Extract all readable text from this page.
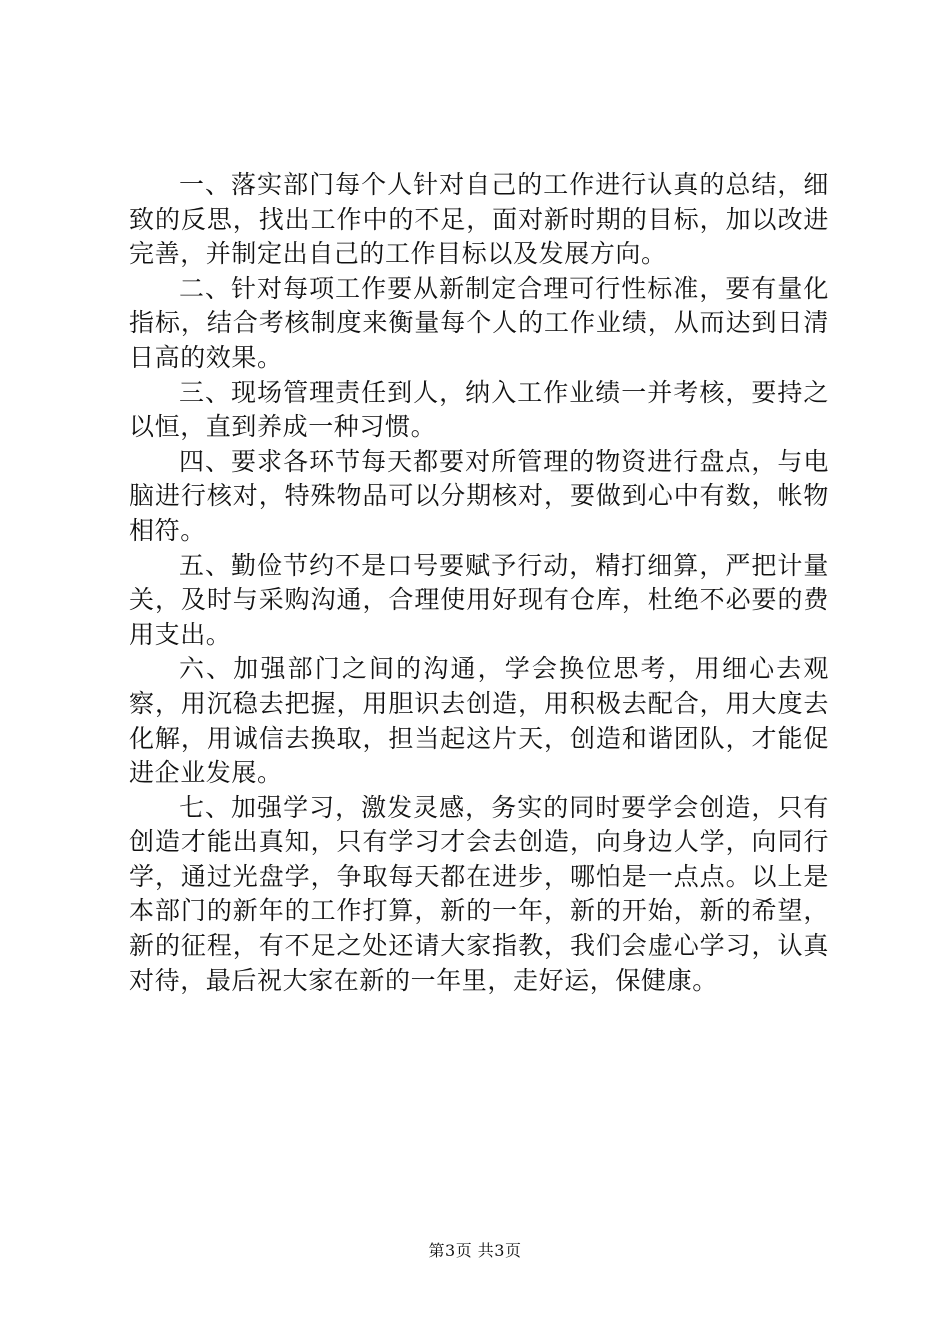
一、落实部门每个人针对自己的工作进行认真的总结，细致的反思，找出工作中的不足，面对新时期的目标，加以改进完善，并制定出自己的工作目标以及发展方向。

二、针对每项工作要从新制定合理可行性标准，要有量化指标，结合考核制度来衡量每个人的工作业绩，从而达到日清日高的效果。

三、现场管理责任到人，纳入工作业绩一并考核，要持之以恒，直到养成一种习惯。

四、要求各环节每天都要对所管理的物资进行盘点，与电脑进行核对，特殊物品可以分期核对，要做到心中有数，帐物相符。

五、勤俭节约不是口号要赋予行动，精打细算，严把计量关，及时与采购沟通，合理使用好现有仓库，杜绝不必要的费用支出。

六、加强部门之间的沟通，学会换位思考，用细心去观察，用沉稳去把握，用胆识去创造，用积极去配合，用大度去化解，用诚信去换取，担当起这片天，创造和谐团队，才能促进企业发展。

七、加强学习，激发灵感，务实的同时要学会创造，只有创造才能出真知，只有学习才会去创造，向身边人学，向同行学，通过光盘学，争取每天都在进步，哪怕是一点点。以上是本部门的新年的工作打算，新的一年，新的开始，新的希望，新的征程，有不足之处还请大家指教，我们会虚心学习，认真对待，最后祝大家在新的一年里，走好运，保健康。

第3页 共3页
